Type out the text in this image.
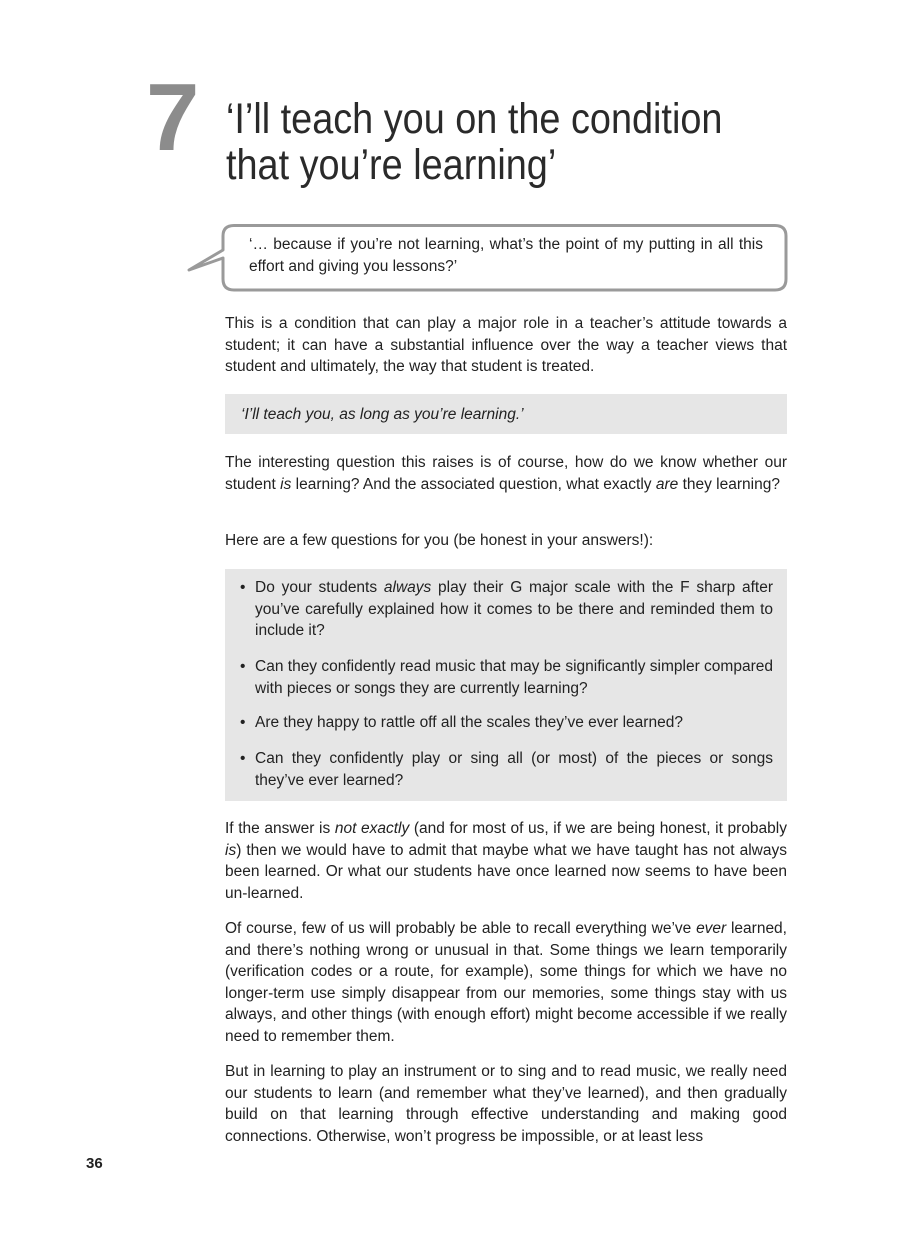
7 ‘I’ll teach you on the condition that you’re learning’
‘… because if you’re not learning, what’s the point of my putting in all this effort and giving you lessons?’

This is a condition that can play a major role in a teacher’s attitude towards a student; it can have a substantial influence over the way a teacher views that student and ultimately, the way that student is treated.

‘I’ll teach you, as long as you’re learning.’

The interesting question this raises is of course, how do we know whether our student is learning? And the associated question, what exactly are they learning?

Here are a few questions for you (be honest in your answers!):

• Do your students always play their G major scale with the F sharp after you’ve carefully explained how it comes to be there and reminded them to include it?
• Can they confidently read music that may be significantly simpler compared with pieces or songs they are currently learning?
• Are they happy to rattle off all the scales they’ve ever learned?
• Can they confidently play or sing all (or most) of the pieces or songs they’ve ever learned?

If the answer is not exactly (and for most of us, if we are being honest, it probably is) then we would have to admit that maybe what we have taught has not always been learned. Or what our students have once learned now seems to have been un-learned.

Of course, few of us will probably be able to recall everything we’ve ever learned, and there’s nothing wrong or unusual in that. Some things we learn temporarily (verification codes or a route, for example), some things for which we have no longer-term use simply disappear from our memories, some things stay with us always, and other things (with enough effort) might become accessible if we really need to remember them.

But in learning to play an instrument or to sing and to read music, we really need our students to learn (and remember what they’ve learned), and then gradually build on that learning through effective understanding and making good connections. Otherwise, won’t progress be impossible, or at least less

36
